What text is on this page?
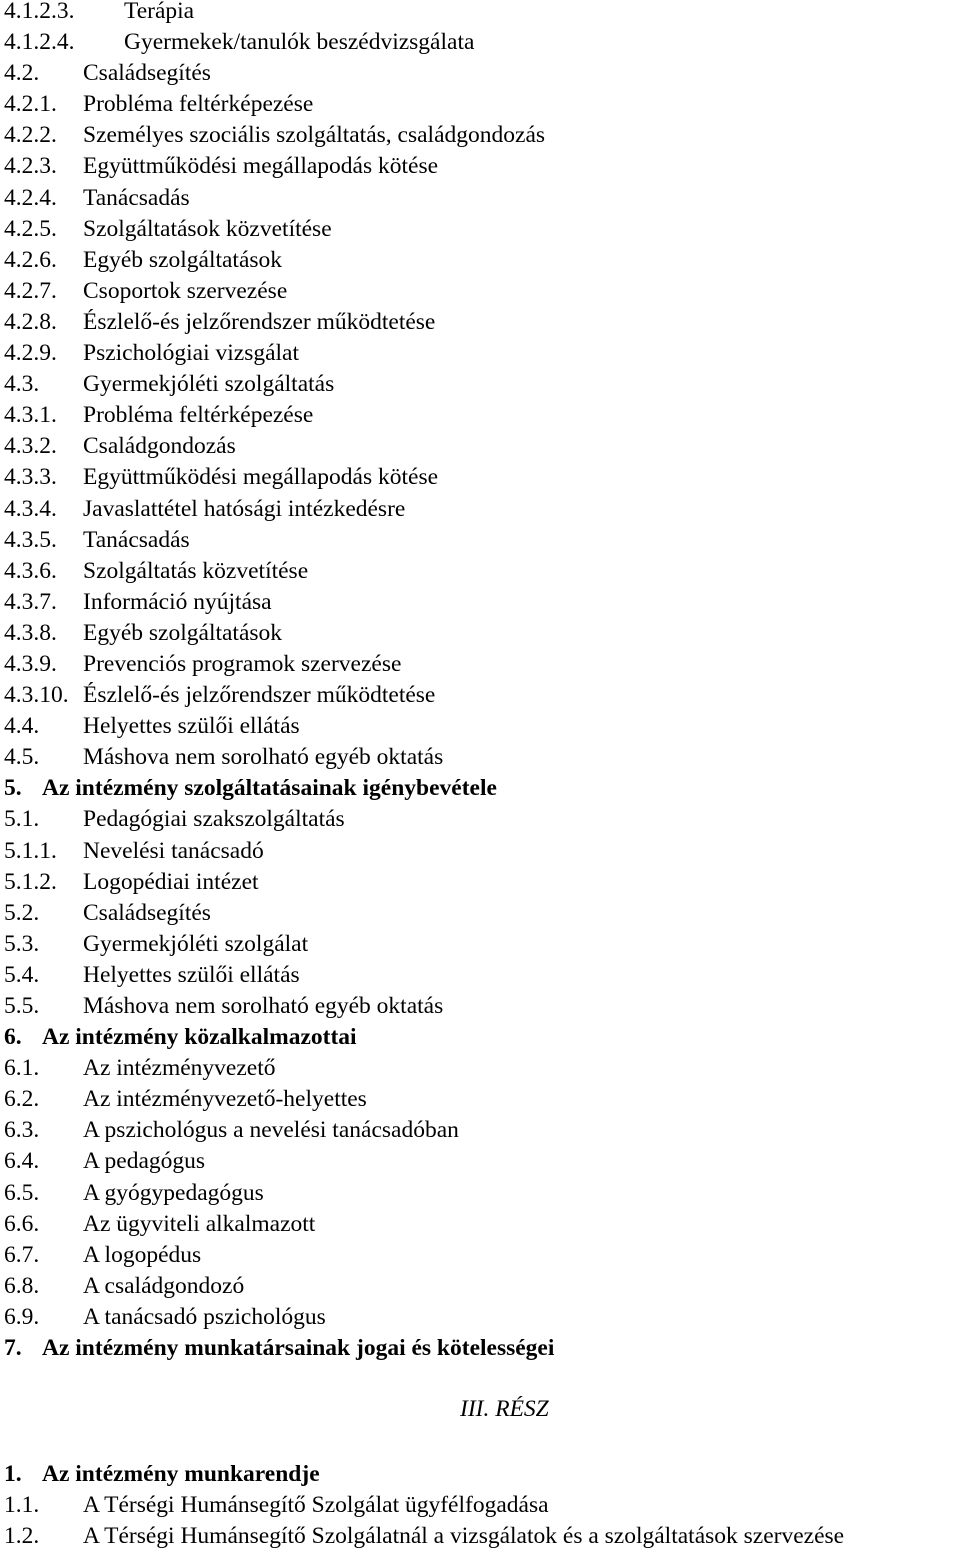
4.1.2.3. Terápia
4.1.2.4. Gyermekek/tanulók beszédvizsgálata
4.2. Családsegítés
4.2.1. Probléma feltérképezése
4.2.2. Személyes szociális szolgáltatás, családgondozás
4.2.3. Együttműködési megállapodás kötése
4.2.4. Tanácsadás
4.2.5. Szolgáltatások közvetítése
4.2.6. Egyéb szolgáltatások
4.2.7. Csoportok szervezése
4.2.8. Észlelő-és jelzőrendszer működtetése
4.2.9. Pszichológiai vizsgálat
4.3. Gyermekjóléti szolgáltatás
4.3.1. Probléma feltérképezése
4.3.2. Családgondozás
4.3.3. Együttműködési megállapodás kötése
4.3.4. Javaslattétel hatósági intézkedésre
4.3.5. Tanácsadás
4.3.6. Szolgáltatás közvetítése
4.3.7. Információ nyújtása
4.3.8. Egyéb szolgáltatások
4.3.9. Prevenciós programok szervezése
4.3.10. Észlelő-és jelzőrendszer működtetése
4.4. Helyettes szülői ellátás
4.5. Máshova nem sorolható egyéb oktatás
5. Az intézmény szolgáltatásainak igénybevétele
5.1. Pedagógiai szakszolgáltatás
5.1.1. Nevelési tanácsadó
5.1.2. Logopédiai intézet
5.2. Családsegítés
5.3. Gyermekjóléti szolgálat
5.4. Helyettes szülői ellátás
5.5. Máshova nem sorolható egyéb oktatás
6. Az intézmény közalkalmazottai
6.1. Az intézményvezető
6.2. Az intézményvezető-helyettes
6.3. A pszichológus a nevelési tanácsadóban
6.4. A pedagógus
6.5. A gyógypedagógus
6.6. Az ügyviteli alkalmazott
6.7. A logopédus
6.8. A családgondozó
6.9. A tanácsadó pszichológus
7. Az intézmény munkatársainak jogai és kötelességei
III. RÉSZ
1. Az intézmény munkarendje
1.1. A Térségi Humánsegítő Szolgálat ügyfélfogadása
1.2. A Térségi Humánsegítő Szolgálatnál a vizsgálatok és a szolgáltatások szervezése
